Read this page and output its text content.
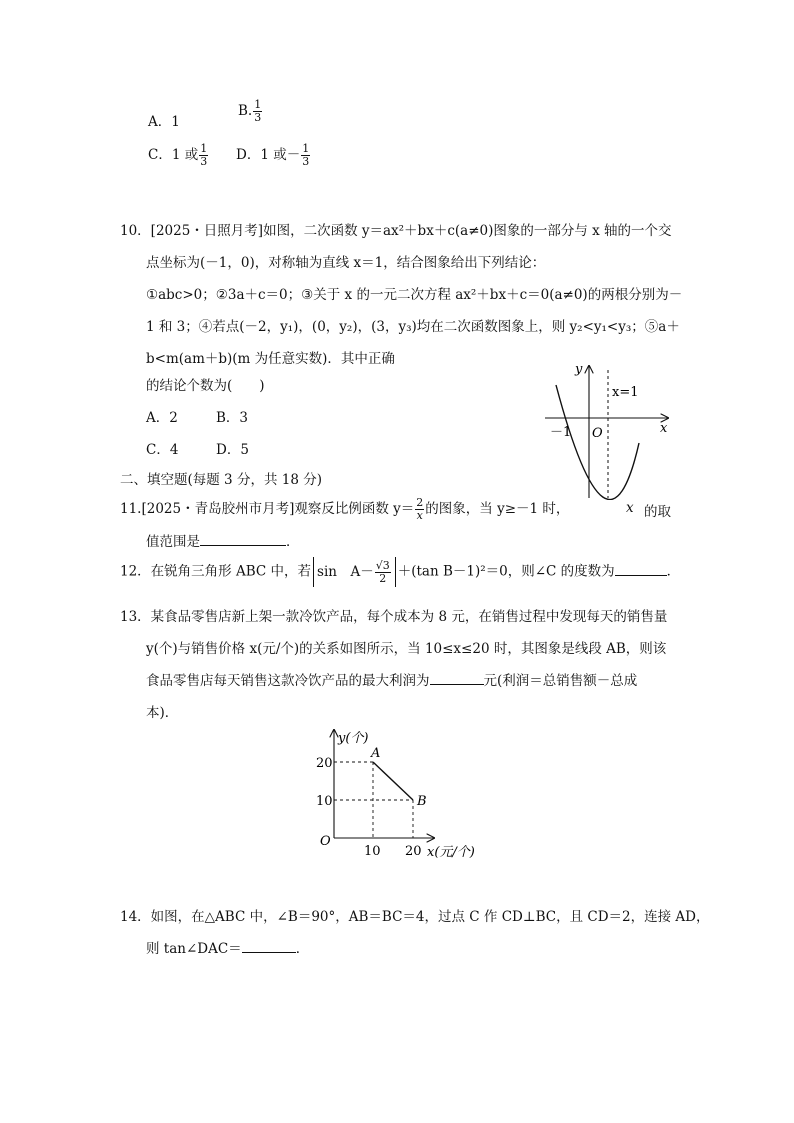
A．1
B. $\frac{1}{3}$
C．1 或 $\frac{1}{3}$ D．1 或－ $\frac{1}{3}$
10．[2025・日照月考]如图，二次函数 y＝ax²＋bx＋c(a≠0)图象的一部分与 x 轴的一个交
点坐标为(－1，0)，对称轴为直线 x＝1，结合图象给出下列结论：
①abc>0；②3a＋c＝0；③关于 x 的一元二次方程 ax²＋bx＋c＝0(a≠0)的两根分别为－
1 和 3；④若点(－2，y₁)，(0，y₂)，(3，y₃)均在二次函数图象上，则 y₂<y₁<y₃；⑤a＋
b<m(am＋b)(m 为任意实数)．其中正确
的结论个数为(　　)
A．2	B．3
C．4	D．5
y
x
x=1
－1 O
二、填空题(每题 3 分，共 18 分)
11.[2025・青岛胶州市月考]观察反比例函数 $y= \frac{2}{x}$ 的图象，当 y≥－1 时，	x 的取
值范围是	．
12．在锐角三角形 ABC 中，若 sin　$A- \frac{√3}{2} +(\tan$ B－1)²＝0，则∠C 的度数为	．
13．某食品零售店新上架一款冷饮产品，每个成本为 8 元，在销售过程中发现每天的销售量
y(个)与销售价格 x(元/个)的关系如图所示，当 10≤x≤20 时，其图象是线段 AB，则该
食品零售店每天销售这款冷饮产品的最大利润为	元(利润＝总销售额－总成
本)．
y(个)
x(元/个)
20
10
10 20
O
A
B
14．如图，在△ABC 中，∠B＝90°，AB＝BC＝4，过点 C 作 CD⊥BC，且 CD＝2，连接 AD，
则 tan∠DAC＝	．
